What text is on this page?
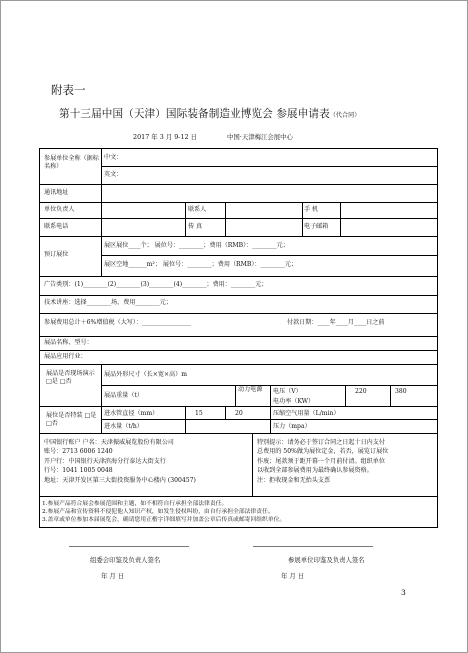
附表一
第十三届中国（天津）国际装备制造业博览会 参展申请表（代合同）
2017 年 3 月 9-12 日	中国·天津梅江会展中心
参展单位全称（据标名称）
中文：
英文：
通讯地址
单位负责人	联系人	手 机
联系电话	传 真	电子邮箱
预订展位
展区展位____个； 展位号：________；费用（RMB）：________元；
展区空地______m²； 展位号：________；费用（RMB）：________元；
广告类别：(1)________(2)________(3)________(4)________；费用：________元；
技术讲座：选择________场，费用________元；
参展费用总计＋6%增值税（大写）：________________	付款日期：____年____月____日之前
展品名称、型号：
展品应用行业：
展品是否现场演示 □是 □否
展品外形尺寸（长×宽×高）m
展品重量（t）
动力电源	电压（V）	220	380
电功率（KW）
展位是否特装 □是 □否
进水管直径（mm）	15	20	压缩空气用量（L/min）
进水量（t/h）	压力（mpa）
中国银行账户 户名：天津振威展览股份有限公司
账号：2713 6006 1240
开户行：中国银行天津滨海分行泰达大街支行
行号：1041 1005 0048
地址：天津开发区第三大街投资服务中心楼内 (300457)
特别提示：请务必于签订合同之日起十日内支付
总费用的 50%做为展位定金，若否，展览订展位
作废；尾款须于距开幕一个月前付清。组织单位
以收到全部参展费用为最终确认参展资格。
注：拒收现金和无抬头支票
1.参展产品符合展会参展范围和主题，如不相符自行承担全部法律责任。
2.参展产品和宣传资料不侵犯他人知识产权，如发生侵权纠纷，由自行承担全部法律责任。
3.盖章或单位参加本届展览会，确请您用正楷字详细填写并加盖公章后传真或邮寄回组织单位。
组委会印鉴及负责人签名
年 月 日
参展单位印鉴及负责人签名
年 月 日
3
